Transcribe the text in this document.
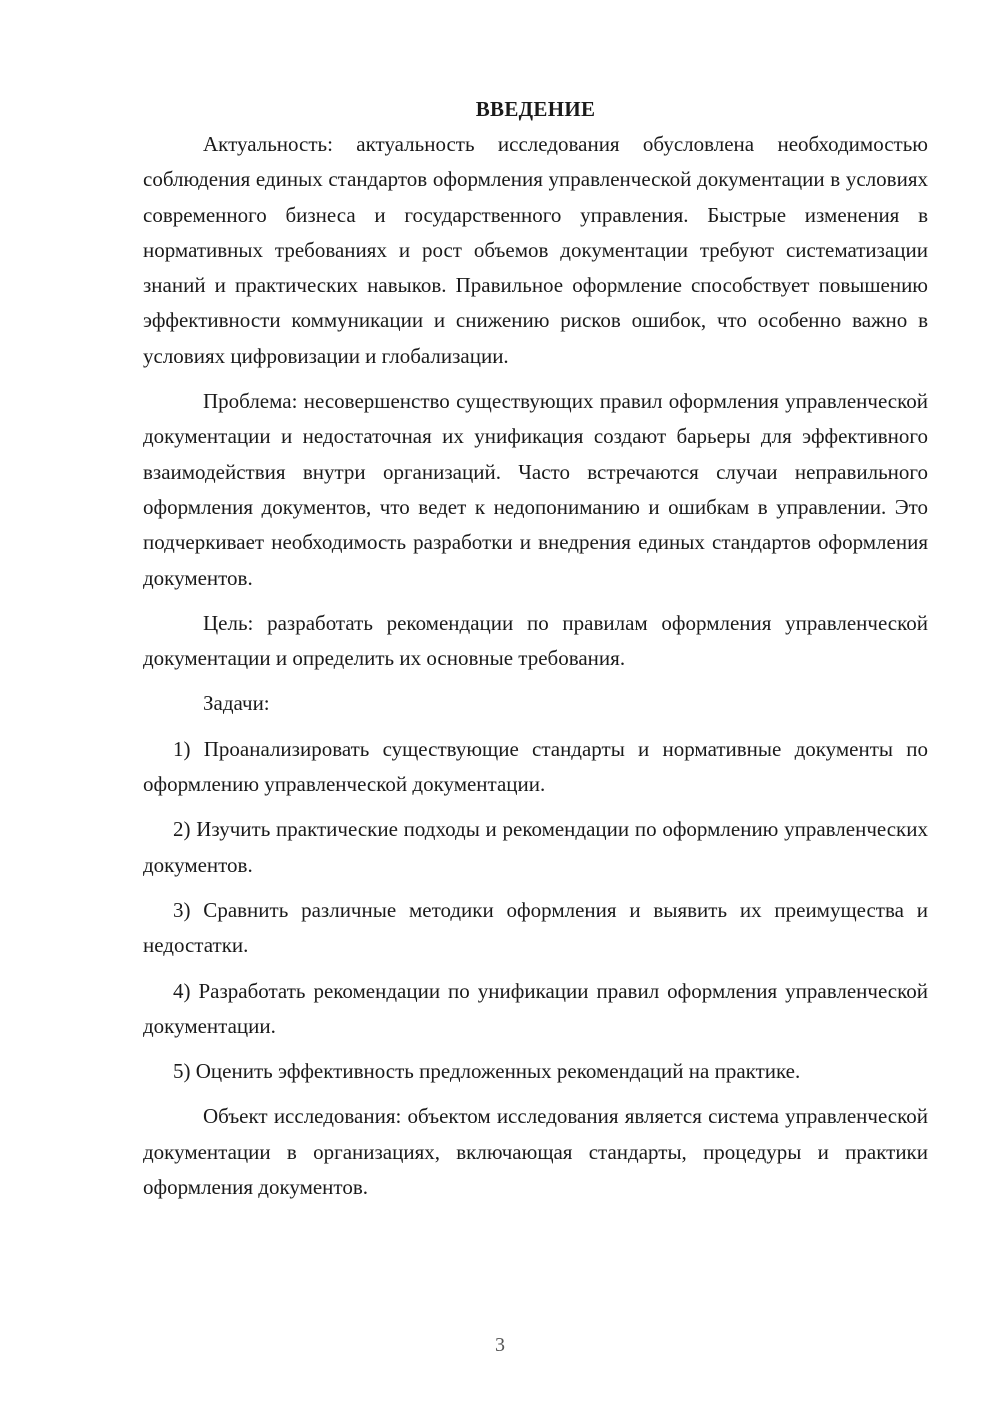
ВВЕДЕНИЕ

Актуальность: актуальность исследования обусловлена необходимостью соблюдения единых стандартов оформления управленческой документации в условиях современного бизнеса и государственного управления. Быстрые изменения в нормативных требованиях и рост объемов документации требуют систематизации знаний и практических навыков. Правильное оформление способствует повышению эффективности коммуникации и снижению рисков ошибок, что особенно важно в условиях цифровизации и глобализации.

Проблема: несовершенство существующих правил оформления управленческой документации и недостаточная их унификация создают барьеры для эффективного взаимодействия внутри организаций. Часто встречаются случаи неправильного оформления документов, что ведет к недопониманию и ошибкам в управлении. Это подчеркивает необходимость разработки и внедрения единых стандартов оформления документов.

Цель: разработать рекомендации по правилам оформления управленческой документации и определить их основные требования.

Задачи:

1) Проанализировать существующие стандарты и нормативные документы по оформлению управленческой документации.

2) Изучить практические подходы и рекомендации по оформлению управленческих документов.

3) Сравнить различные методики оформления и выявить их преимущества и недостатки.

4) Разработать рекомендации по унификации правил оформления управленческой документации.

5) Оценить эффективность предложенных рекомендаций на практике.

Объект исследования: объектом исследования является система управленческой документации в организациях, включающая стандарты, процедуры и практики оформления документов.

3
